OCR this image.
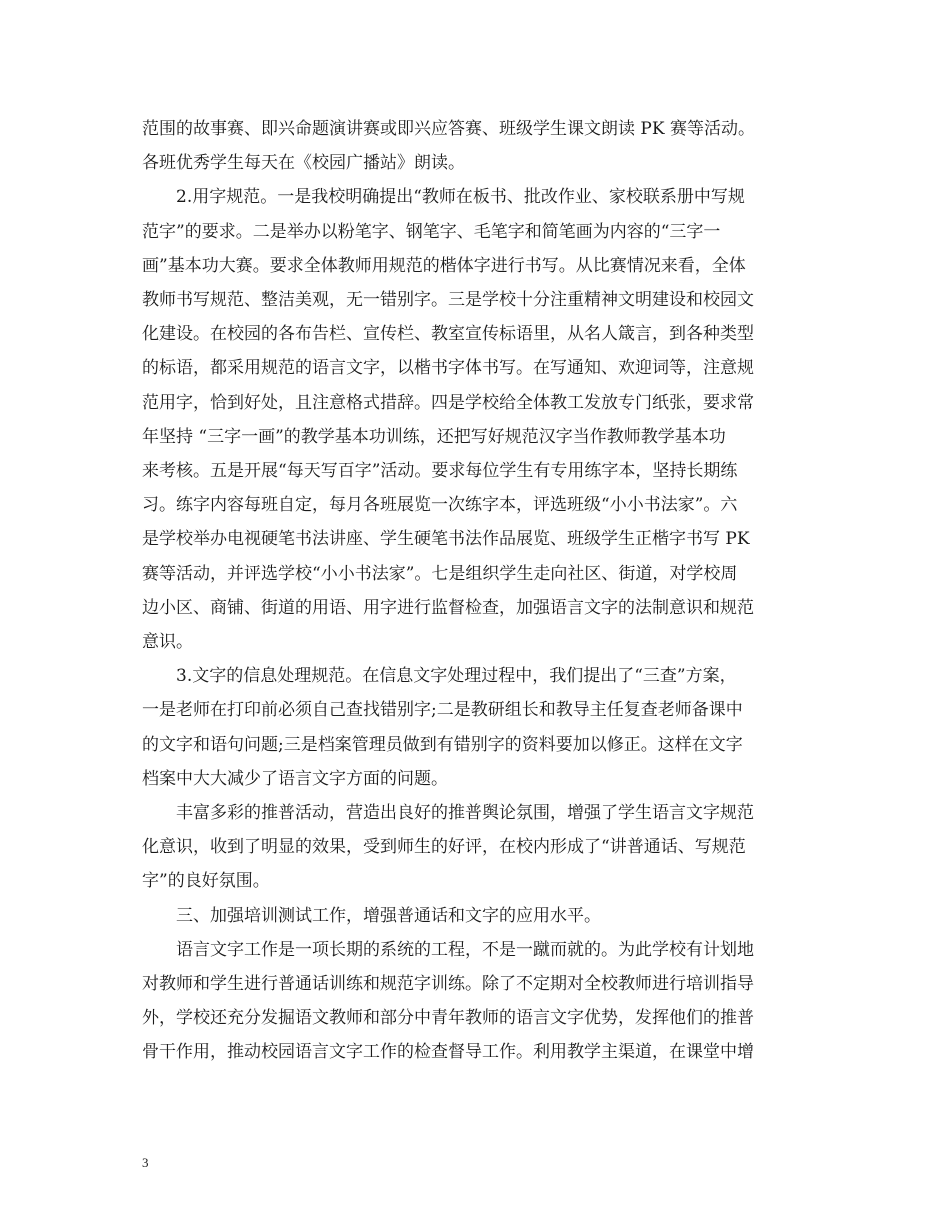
范围的故事赛、即兴命题演讲赛或即兴应答赛、班级学生课文朗读 PK 赛等活动。
各班优秀学生每天在《校园广播站》朗读。

2.用字规范。一是我校明确提出“教师在板书、批改作业、家校联系册中写规
范字”的要求。二是举办以粉笔字、钢笔字、毛笔字和简笔画为内容的“三字一
画”基本功大赛。要求全体教师用规范的楷体字进行书写。从比赛情况来看，全体
教师书写规范、整洁美观，无一错别字。三是学校十分注重精神文明建设和校园文
化建设。在校园的各布告栏、宣传栏、教室宣传标语里，从名人箴言，到各种类型
的标语，都采用规范的语言文字，以楷书字体书写。在写通知、欢迎词等，注意规
范用字，恰到好处，且注意格式措辞。四是学校给全体教工发放专门纸张，要求常
年坚持 “三字一画”的教学基本功训练，还把写好规范汉字当作教师教学基本功
来考核。五是开展“每天写百字”活动。要求每位学生有专用练字本，坚持长期练
习。练字内容每班自定，每月各班展览一次练字本，评选班级“小小书法家”。六
是学校举办电视硬笔书法讲座、学生硬笔书法作品展览、班级学生正楷字书写 PK
赛等活动，并评选学校“小小书法家”。七是组织学生走向社区、街道，对学校周
边小区、商铺、街道的用语、用字进行监督检查，加强语言文字的法制意识和规范
意识。

3.文字的信息处理规范。在信息文字处理过程中，我们提出了“三查”方案，
一是老师在打印前必须自己查找错别字;二是教研组长和教导主任复查老师备课中
的文字和语句问题;三是档案管理员做到有错别字的资料要加以修正。这样在文字
档案中大大减少了语言文字方面的问题。

丰富多彩的推普活动，营造出良好的推普舆论氛围，增强了学生语言文字规范
化意识，收到了明显的效果，受到师生的好评，在校内形成了“讲普通话、写规范
字”的良好氛围。

三、加强培训测试工作，增强普通话和文字的应用水平。

语言文字工作是一项长期的系统的工程，不是一蹴而就的。为此学校有计划地
对教师和学生进行普通话训练和规范字训练。除了不定期对全校教师进行培训指导
外，学校还充分发掘语文教师和部分中青年教师的语言文字优势，发挥他们的推普
骨干作用，推动校园语言文字工作的检查督导工作。利用教学主渠道，在课堂中增

3
